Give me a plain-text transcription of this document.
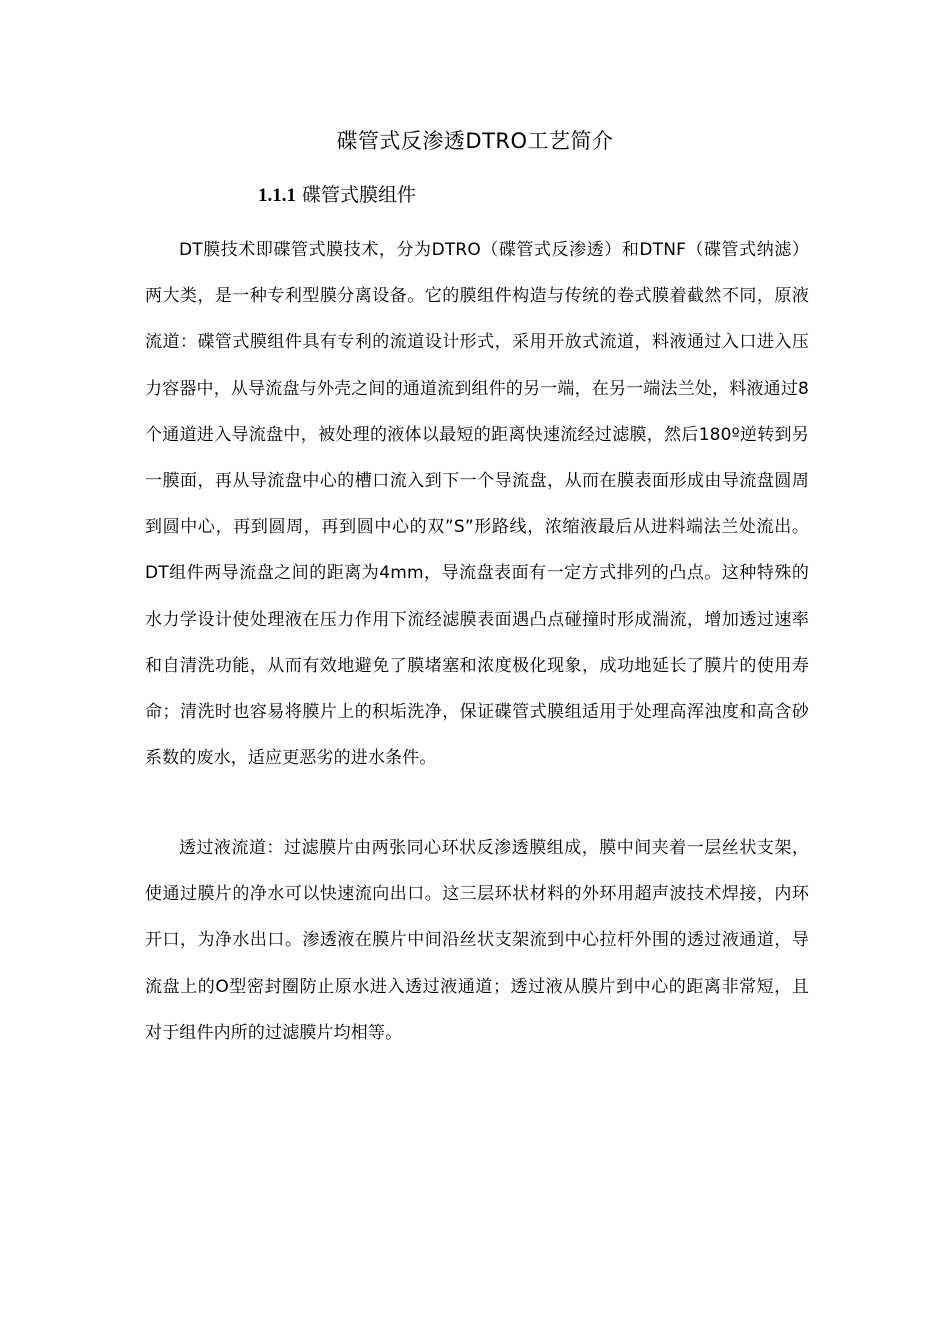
碟管式反渗透DTRO工艺简介
1.1.1 碟管式膜组件

DT膜技术即碟管式膜技术，分为DTRO（碟管式反渗透）和DTNF（碟管式纳滤）两大类，是一种专利型膜分离设备。它的膜组件构造与传统的卷式膜着截然不同，原液流道：碟管式膜组件具有专利的流道设计形式，采用开放式流道，料液通过入口进入压力容器中，从导流盘与外壳之间的通道流到组件的另一端，在另一端法兰处，料液通过8个通道进入导流盘中，被处理的液体以最短的距离快速流经过滤膜，然后180º逆转到另一膜面，再从导流盘中心的槽口流入到下一个导流盘，从而在膜表面形成由导流盘圆周到圆中心，再到圆周，再到圆中心的双”S”形路线，浓缩液最后从进料端法兰处流出。DT组件两导流盘之间的距离为4mm，导流盘表面有一定方式排列的凸点。这种特殊的水力学设计使处理液在压力作用下流经滤膜表面遇凸点碰撞时形成湍流，增加透过速率和自清洗功能，从而有效地避免了膜堵塞和浓度极化现象，成功地延长了膜片的使用寿命；清洗时也容易将膜片上的积垢洗净，保证碟管式膜组适用于处理高浑浊度和高含砂系数的废水，适应更恶劣的进水条件。

透过液流道：过滤膜片由两张同心环状反渗透膜组成，膜中间夹着一层丝状支架，使通过膜片的净水可以快速流向出口。这三层环状材料的外环用超声波技术焊接，内环开口，为净水出口。渗透液在膜片中间沿丝状支架流到中心拉杆外围的透过液通道，导流盘上的O型密封圈防止原水进入透过液通道；透过液从膜片到中心的距离非常短，且对于组件内所的过滤膜片均相等。
